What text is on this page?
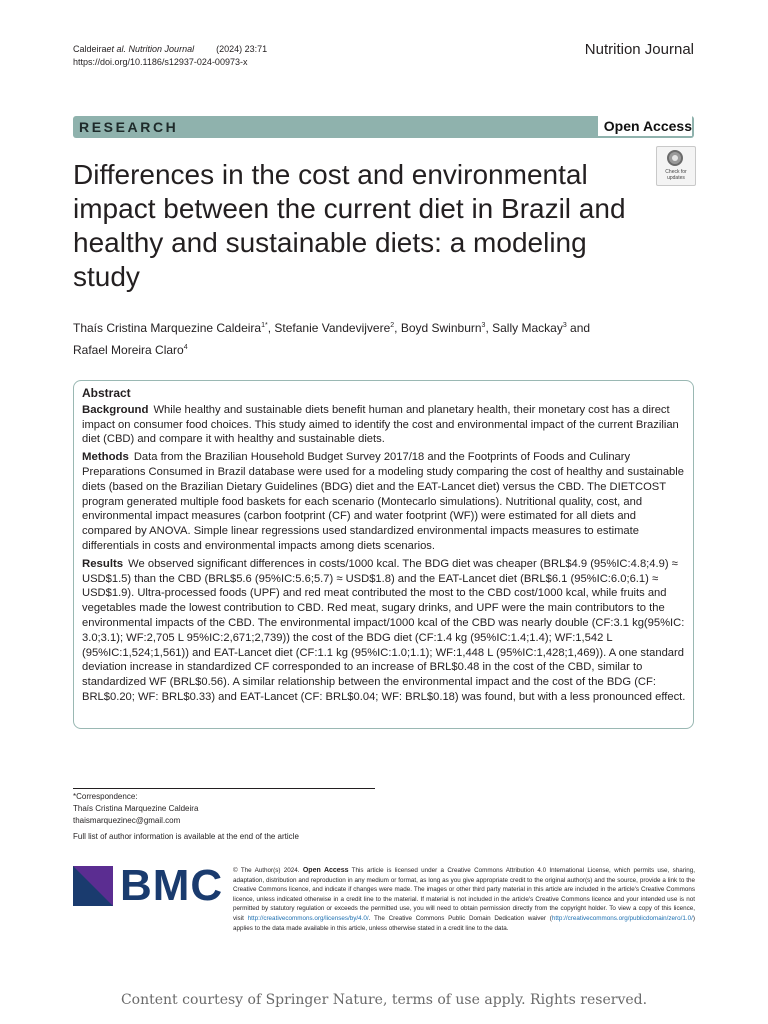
Caldeiraet al. Nutrition Journal (2024) 23:71
https://doi.org/10.1186/s12937-024-00973-x
Nutrition Journal
RESEARCH	Open Access
Check for updates
Differences in the cost and environmental impact between the current diet in Brazil and healthy and sustainable diets: a modeling study
Thaís Cristina Marquezine Caldeira$^{1*}$, Stefanie Vandevijvere$^2$, Boyd Swinburn$^3$, Sally Mackay$^3$ and
Rafael Moreira Claro$^4$
Abstract

Background While healthy and sustainable diets benefit human and planetary health, their monetary cost has a direct impact on consumer food choices. This study aimed to identify the cost and environmental impact of the current Brazilian diet (CBD) and compare it with healthy and sustainable diets.

Methods Data from the Brazilian Household Budget Survey 2017/18 and the Footprints of Foods and Culinary Preparations Consumed in Brazil database were used for a modeling study comparing the cost of healthy and sustainable diets (based on the Brazilian Dietary Guidelines (BDG) diet and the EAT-Lancet diet) versus the CBD. The DIETCOST program generated multiple food baskets for each scenario (Montecarlo simulations). Nutritional quality, cost, and environmental impact measures (carbon footprint (CF) and water footprint (WF)) were estimated for all diets and compared by ANOVA. Simple linear regressions used standardized environmental impacts measures to estimate differentials in costs and environmental impacts among diets scenarios.

Results We observed significant differences in costs/1000 kcal. The BDG diet was cheaper (BRL$4.9 (95%IC:4.8;4.9) ≈ USD$1.5) than the CBD (BRL$5.6 (95%IC:5.6;5.7) ≈ USD$1.8) and the EAT-Lancet diet (BRL$6.1 (95%IC:6.0;6.1) ≈ USD$1.9). Ultra-processed foods (UPF) and red meat contributed the most to the CBD cost/1000 kcal, while fruits and vegetables made the lowest contribution to CBD. Red meat, sugary drinks, and UPF were the main contributors to the environmental impacts of the CBD. The environmental impact/1000 kcal of the CBD was nearly double (CF:3.1 kg(95%IC: 3.0;3.1); WF:2,705 L 95%IC:2,671;2,739)) the cost of the BDG diet (CF:1.4 kg (95%IC:1.4;1.4); WF:1,542 L (95%IC:1,524;1,561)) and EAT-Lancet diet (CF:1.1 kg (95%IC:1.0;1.1); WF:1,448 L (95%IC:1,428;1,469)). A one standard deviation increase in standardized CF corresponded to an increase of BRL$0.48 in the cost of the CBD, similar to standardized WF (BRL$0.56). A similar relationship between the environmental impact and the cost of the BDG (CF: BRL$0.20; WF: BRL$0.33) and EAT-Lancet (CF: BRL$0.04; WF: BRL$0.18) was found, but with a less pronounced effect.

*Correspondence:
Thaís Cristina Marquezine Caldeira
thaismarquezinec@gmail.com
Full list of author information is available at the end of the article
BMC © The Author(s) 2024. Open Access This article is licensed under a Creative Commons Attribution 4.0 International License, which permits use, sharing, adaptation, distribution and reproduction in any medium or format, as long as you give appropriate credit to the original author(s) and the source, provide a link to the Creative Commons licence, and indicate if changes were made. The images or other third party material in this article are included in the article's Creative Commons licence, unless indicated otherwise in a credit line to the material. If material is not included in the article's Creative Commons licence and your intended use is not permitted by statutory regulation or exceeds the permitted use, you will need to obtain permission directly from the copyright holder. To view a copy of this licence, visit http://creativecommons.org/licenses/by/4.0/. The Creative Commons Public Domain Dedication waiver (http://creativecommons.org/publicdomain/zero/1.0/) applies to the data made available in this article, unless otherwise stated in a credit line to the data.
Content courtesy of Springer Nature, terms of use apply. Rights reserved.
